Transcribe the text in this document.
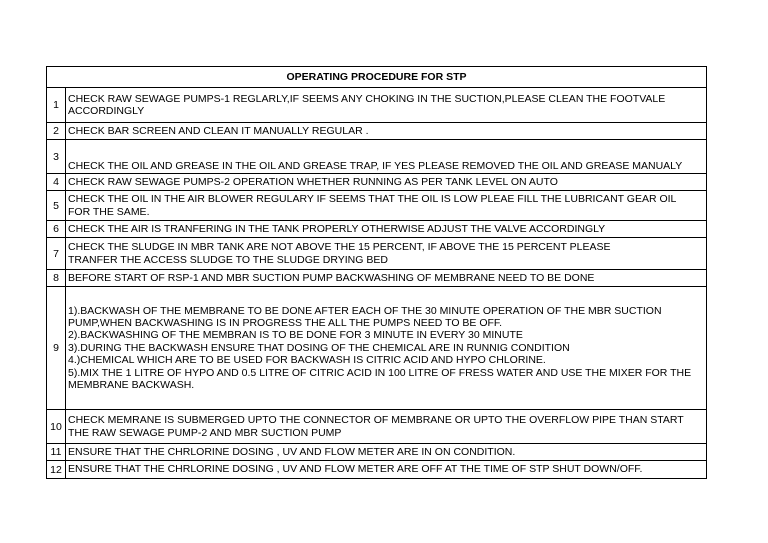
OPERATING PROCEDURE FOR STP
1
CHECK RAW SEWAGE PUMPS-1 REGLARLY,IF SEEMS ANY CHOKING IN THE SUCTION,PLEASE CLEAN THE FOOTVALE
ACCORDINGLY
2 CHECK BAR SCREEN AND CLEAN IT MANUALLY REGULAR .
3
CHECK THE OIL AND GREASE IN THE OIL AND GREASE TRAP, IF YES PLEASE REMOVED THE OIL AND GREASE MANUALY
4 CHECK RAW SEWAGE PUMPS-2 OPERATION WHETHER RUNNING AS PER TANK LEVEL ON AUTO
5
CHECK THE OIL IN THE AIR BLOWER REGULARY IF SEEMS THAT THE OIL IS LOW PLEAE FILL THE LUBRICANT GEAR OIL
FOR THE SAME.
6 CHECK THE AIR IS TRANFERING IN THE TANK PROPERLY OTHERWISE ADJUST THE VALVE ACCORDINGLY
7
CHECK THE SLUDGE IN MBR TANK ARE NOT ABOVE THE 15 PERCENT, IF ABOVE THE 15 PERCENT PLEASE
TRANFER THE ACCESS SLUDGE TO THE SLUDGE DRYING BED
8 BEFORE START OF RSP-1 AND MBR SUCTION PUMP BACKWASHING OF MEMBRANE NEED TO BE DONE
9
1).BACKWASH OF THE MEMBRANE TO BE DONE AFTER EACH OF THE 30 MINUTE OPERATION OF THE MBR SUCTION
PUMP,WHEN BACKWASHING IS IN PROGRESS THE ALL THE PUMPS NEED TO BE OFF.
2).BACKWASHING OF THE MEMBRAN IS TO BE DONE FOR 3 MINUTE IN EVERY 30 MINUTE
3).DURING THE BACKWASH ENSURE THAT DOSING OF THE CHEMICAL ARE IN RUNNIG CONDITION
4.)CHEMICAL WHICH ARE TO BE USED FOR BACKWASH IS CITRIC ACID AND HYPO CHLORINE.
5).MIX THE 1 LITRE OF HYPO AND 0.5 LITRE OF CITRIC ACID IN 100 LITRE OF FRESS WATER AND USE THE MIXER FOR THE
MEMBRANE BACKWASH.
10
CHECK MEMRANE IS SUBMERGED UPTO THE CONNECTOR OF MEMBRANE OR UPTO THE OVERFLOW PIPE THAN START
THE RAW SEWAGE PUMP-2 AND MBR SUCTION PUMP
11 ENSURE THAT THE CHRLORINE DOSING , UV AND FLOW METER ARE IN ON CONDITION.
12 ENSURE THAT THE CHRLORINE DOSING , UV AND FLOW METER ARE OFF AT THE TIME OF STP SHUT DOWN/OFF.
